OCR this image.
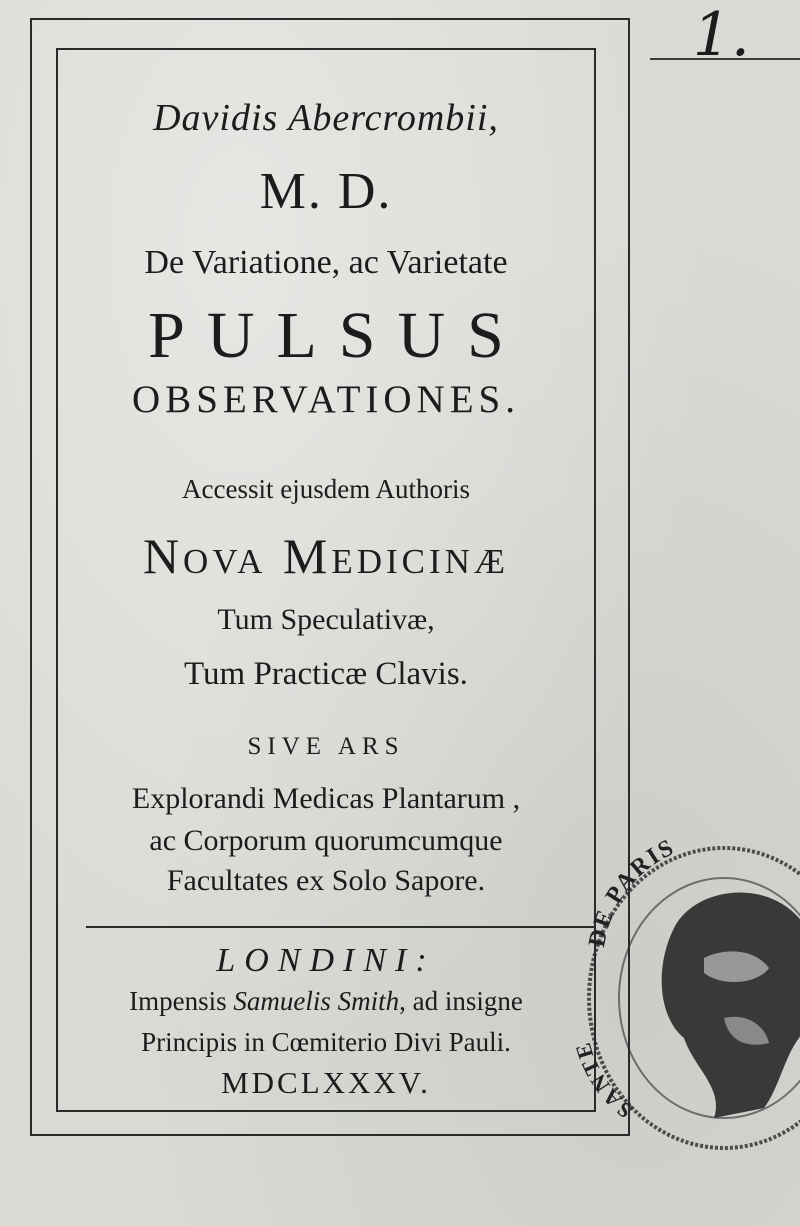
1.
Davidis Abercrombii,
M. D.
De Variatione, ac Varietate
PULSUS
OBSERVATIONES.
Accessit ejusdem Authoris
Nova Medicinæ
Tum Speculativæ,
Tum Practicæ Clavis.
SIVE ARS
Explorandi Medicas Plantarum ,
ac Corporum quorumcumque
Facultates ex Solo Sapore.
LONDINI:
Impensis Samuelis Smith, ad insigne
Principis in Cœmiterio Divi Pauli.
MDCLXXXV.
DE PARIS
SANTE
